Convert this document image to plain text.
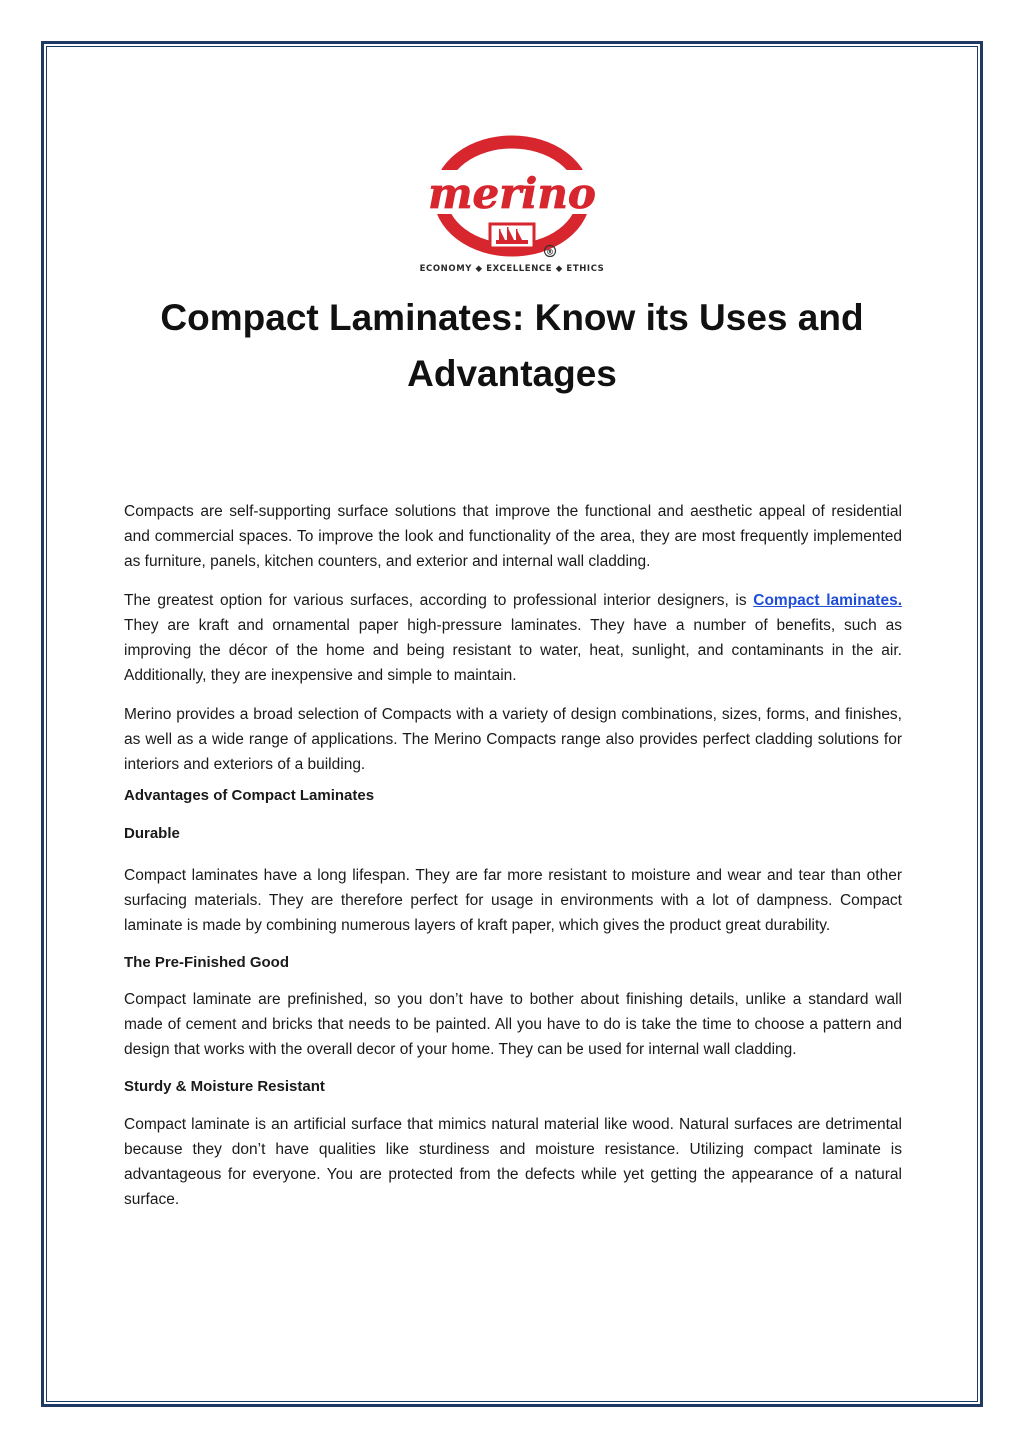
merino
®
ECONOMY ◆ EXCELLENCE ◆ ETHICS
Compact Laminates: Know its Uses and Advantages

Compacts are self-supporting surface solutions that improve the functional and aesthetic appeal of residential and commercial spaces. To improve the look and functionality of the area, they are most frequently implemented as furniture, panels, kitchen counters, and exterior and internal wall cladding.

The greatest option for various surfaces, according to professional interior designers, is Compact laminates. They are kraft and ornamental paper high-pressure laminates. They have a number of benefits, such as improving the décor of the home and being resistant to water, heat, sunlight, and contaminants in the air. Additionally, they are inexpensive and simple to maintain.

Merino provides a broad selection of Compacts with a variety of design combinations, sizes, forms, and finishes, as well as a wide range of applications. The Merino Compacts range also provides perfect cladding solutions for interiors and exteriors of a building.

Advantages of Compact Laminates

Durable

Compact laminates have a long lifespan. They are far more resistant to moisture and wear and tear than other surfacing materials. They are therefore perfect for usage in environments with a lot of dampness. Compact laminate is made by combining numerous layers of kraft paper, which gives the product great durability.

The Pre-Finished Good

Compact laminate are prefinished, so you don’t have to bother about finishing details, unlike a standard wall made of cement and bricks that needs to be painted. All you have to do is take the time to choose a pattern and design that works with the overall decor of your home. They can be used for internal wall cladding.

Sturdy & Moisture Resistant

Compact laminate is an artificial surface that mimics natural material like wood. Natural surfaces are detrimental because they don’t have qualities like sturdiness and moisture resistance. Utilizing compact laminate is advantageous for everyone. You are protected from the defects while yet getting the appearance of a natural surface.
